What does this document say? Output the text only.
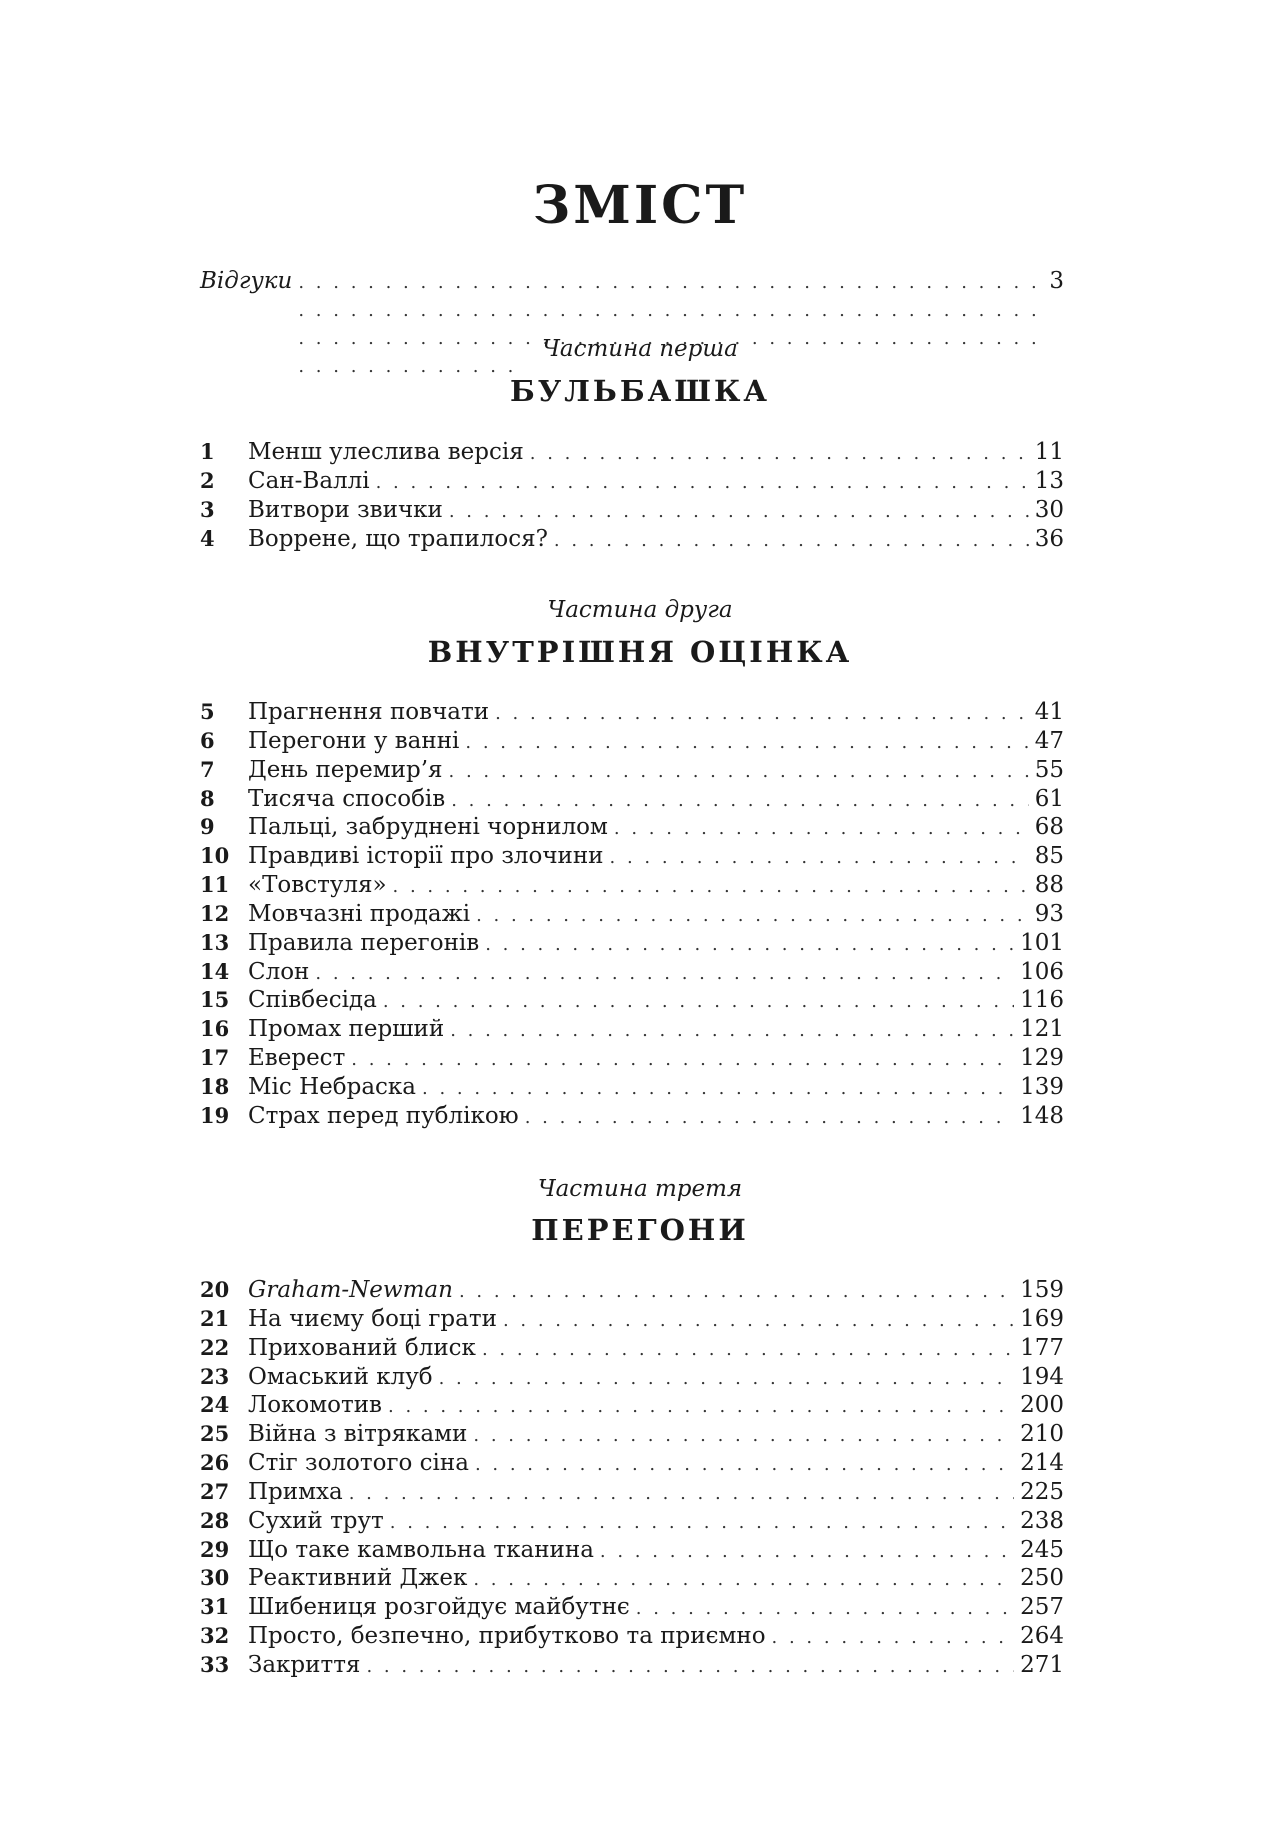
ЗМІСТ
Відгуки . . .	3
Частина перша
БУЛЬБАШКА
1	Менш улеслива версія . . .	11
2	Сан-Валлі . . .	13
3	Витвори звички . . .	30
4	Воррене, що трапилося? . . .	36
Частина друга
ВНУТРІШНЯ ОЦІНКА
5	Прагнення повчати . . .	41
6	Перегони у ванні . . .	47
7	День перемир’я . . .	55
8	Тисяча способів . . .	61
9	Пальці, забруднені чорнилом . . .	68
10 Правдиві історії про злочини . . .	85
11 «Товстуля» . . .	88
12 Мовчазні продажі . . .	93
13 Правила перегонів . . .	101
14 Слон . . .	106
15 Співбесіда . . .	116
16 Промах перший . . .	121
17 Еверест . . .	129
18 Міс Небраска . . .	139
19 Страх перед публікою . . .	148
Частина третя
ПЕРЕГОНИ
20 Graham-Newman . . .	159
21 На чиєму боці грати . . .	169
22 Прихований блиск . . .	177
23 Омаський клуб . . .	194
24 Локомотив . . .	200
25 Війна з вітряками . . .	210
26 Стіг золотого сіна . . .	214
27 Примха . . .	225
28 Сухий трут . . .	238
29 Що таке камвольна тканина . . .	245
30 Реактивний Джек . . .	250
31 Шибениця розгойдує майбутнє . . .	257
32 Просто, безпечно, прибутково та приємно . . .	264
33 Закриття . . .	271
